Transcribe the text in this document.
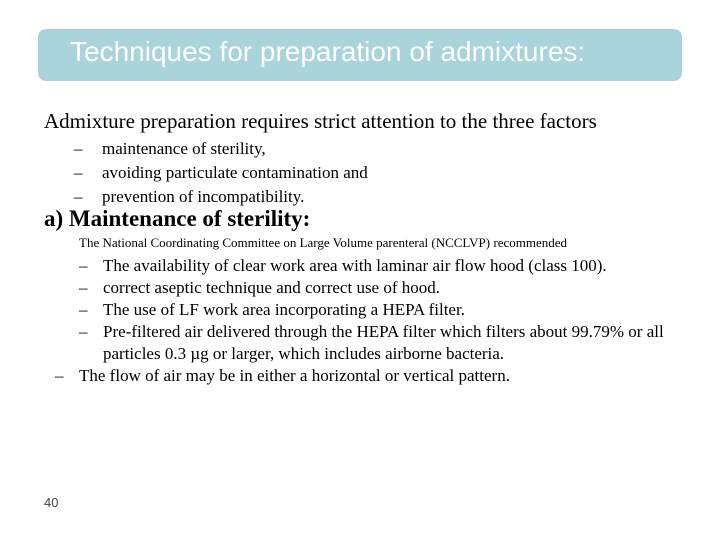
Techniques for preparation of admixtures:
Admixture preparation requires strict attention to the three factors
– maintenance of sterility,
– avoiding particulate contamination and
– prevention of incompatibility.
a) Maintenance of sterility:
The National Coordinating Committee on Large Volume parenteral (NCCLVP) recommended
– The availability of clear work area with laminar air flow hood (class 100).
– correct aseptic technique and correct use of hood.
– The use of LF work area incorporating a HEPA filter.
– Pre-filtered air delivered through the HEPA filter which filters about 99.79% or all particles 0.3 µg or larger, which includes airborne bacteria.
– The flow of air may be in either a horizontal or vertical pattern.
40
